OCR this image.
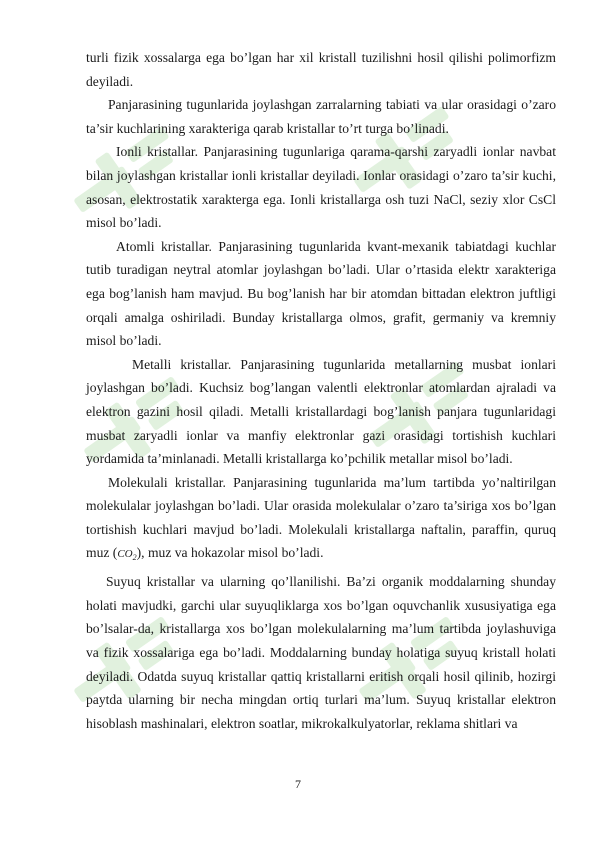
turli fizik xossalarga ega bo’lgan har xil kristall tuzilishni hosil qilishi polimorfizm deyiladi.

Panjarasining tugunlarida joylashgan zarralarning tabiati va ular orasidagi o’zaro ta’sir kuchlarining xarakteriga qarab kristallar to’rt turga bo’linadi.

Ionli kristallar. Panjarasining tugunlariga qarama-qarshi zaryadli ionlar navbat bilan joylashgan kristallar ionli kristallar deyiladi. Ionlar orasidagi o’zaro ta’sir kuchi, asosan, elektrostatik xarakterga ega. Ionli kristallarga osh tuzi NaCl, seziy xlor CsCl misol bo’ladi.

Atomli kristallar. Panjarasining tugunlarida kvant-mexanik tabiatdagi kuchlar tutib turadigan neytral atomlar joylashgan bo’ladi. Ular o’rtasida elektr xarakteriga ega bog’lanish ham mavjud. Bu bog’lanish har bir atomdan bittadan elektron juftligi orqali amalga oshiriladi. Bunday kristallarga olmos, grafit, germaniy va kremniy misol bo’ladi.

Metalli kristallar. Panjarasining tugunlarida metallarning musbat ionlari joylashgan bo’ladi. Kuchsiz bog’langan valentli elektronlar atomlardan ajraladi va elektron gazini hosil qiladi. Metalli kristallardagi bog’lanish panjara tugunlaridagi musbat zaryadli ionlar va manfiy elektronlar gazi orasidagi tortishish kuchlari yordamida ta’minlanadi. Metalli kristallarga ko’pchilik metallar misol bo’ladi.

Molekulali kristallar. Panjarasining tugunlarida ma’lum tartibda yo’naltirilgan molekulalar joylashgan bo’ladi. Ular orasida molekulalar o’zaro ta’siriga xos bo’lgan tortishish kuchlari mavjud bo’ladi. Molekulali kristallarga naftalin, paraffin, quruq muz $(CO_2)$, muz va hokazolar misol bo’ladi.

Suyuq kristallar va ularning qo’llanilishi. Ba’zi organik moddalarning shunday holati mavjudki, garchi ular suyuqliklarga xos bo’lgan oquvchanlik xususiyatiga ega bo’lsalar-da, kristallarga xos bo’lgan molekulalarning ma’lum tartibda joylashuviga va fizik xossalariga ega bo’ladi. Moddalarning bunday holatiga suyuq kristall holati deyiladi. Odatda suyuq kristallar qattiq kristallarni eritish orqali hosil qilinib, hozirgi paytda ularning bir necha mingdan ortiq turlari ma’lum. Suyuq kristallar elektron hisoblash mashinalari, elektron soatlar, mikrokalkulyatorlar, reklama shitlari va

7
